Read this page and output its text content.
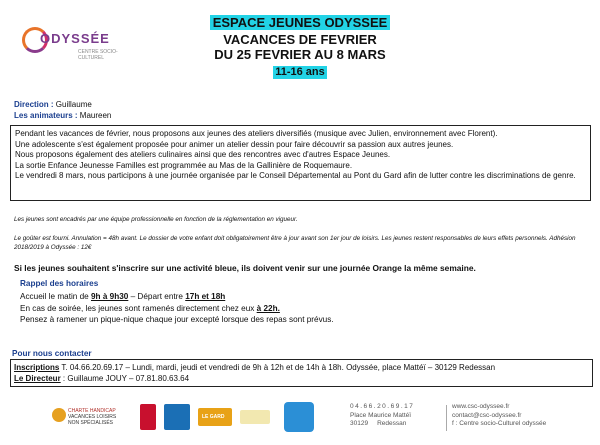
ODYSSÉE
CENTRE SOCIO-CULTUREL
ESPACE JEUNES ODYSSEE
VACANCES DE FEVRIER
DU 25 FEVRIER AU 8 MARS
11-16 ans
Direction : Guillaume
Les animateurs : Maureen
Pendant les vacances de février, nous proposons aux jeunes des ateliers diversifiés (musique avec Julien, environnement avec Florent).
Une adolescente s'est également proposée pour animer un atelier dessin pour faire découvrir sa passion aux autres jeunes.
Nous proposons également des ateliers culinaires ainsi que des rencontres avec d'autres Espace Jeunes.
La sortie Enfance Jeunesse Familles est programmée au Mas de la Gallinière de Roquemaure.
Le vendredi 8 mars, nous participons à une journée organisée par le Conseil Départemental au Pont du Gard afin de lutter contre les discriminations de genre.
Les jeunes sont encadrés par une équipe professionnelle en fonction de la réglementation en vigueur.
Le goûter est fourni. Annulation = 48h avant. Le dossier de votre enfant doit obligatoirement être à jour avant son 1er jour de loisirs. Les jeunes restent responsables de leurs effets personnels. Adhésion 2018/2019 à Odyssée : 12€
Si les jeunes souhaitent s'inscrire sur une activité bleue, ils doivent venir sur une journée Orange la même semaine.
Rappel des horaires
Accueil le matin de 9h à 9h30 – Départ entre 17h et 18h
En cas de soirée, les jeunes sont ramenés directement chez eux à 22h.
Pensez à ramener un pique-nique chaque jour excepté lorsque des repas sont prévus.
Pour nous contacter
Inscriptions T. 04.66.20.69.17 – Lundi, mardi, jeudi et vendredi de 9h à 12h et de 14h à 18h. Odyssée, place Mattéï – 30129 Redessan
Le Directeur : Guillaume JOUY – 07.81.80.63.64
CHARTE HANDICAP
VACANCES LOISIRS
NON SPÉCIALISÉS
LE GARD
04.66.20.69.17
Place Maurice Mattéï
30129 Redessan
www.csc-odyssee.fr
contact@csc-odyssee.fr
f : Centre socio-Culturel odyssée
